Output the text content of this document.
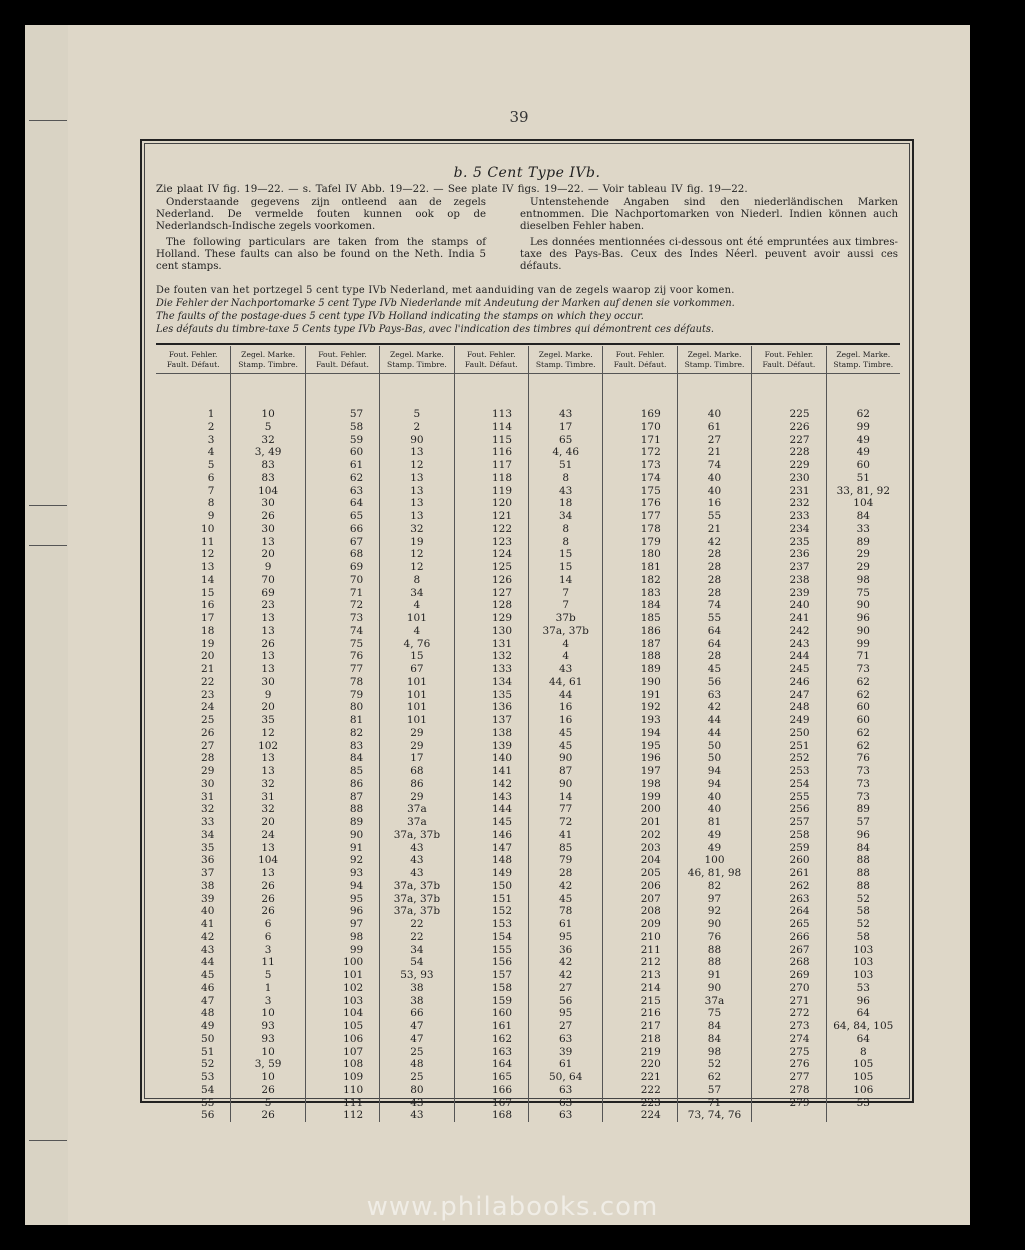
39
b. 5 Cent Type IVb.
Zie plaat IV fig. 19—22. — s. Tafel IV Abb. 19—22. — See plate IV figs. 19—22. — Voir tableau IV fig. 19—22.

Onderstaande gegevens zijn ontleend aan de zegels Nederland. De vermelde fouten kunnen ook op de Nederlandsch-Indische zegels voorkomen.

The following particulars are taken from the stamps of Holland. These faults can also be found on the Neth. India 5 cent stamps.

Untenstehende Angaben sind den niederländischen Marken entnommen. Die Nachportomarken von Niederl. Indien können auch dieselben Fehler haben.

Les données mentionnées ci-dessous ont été empruntées aux timbres-taxe des Pays-Bas. Ceux des Indes Néerl. peuvent avoir aussi ces défauts.

De fouten van het portzegel 5 cent type IVb Nederland, met aanduiding van de zegels waarop zij voor komen.
Die Fehler der Nachportomarke 5 cent Type IVb Niederlande mit Andeutung der Marken auf denen sie vorkommen.
The faults of the postage-dues 5 cent type IVb Holland indicating the stamps on which they occur.
Les défauts du timbre-taxe 5 Cents type IVb Pays-Bas, avec l'indication des timbres qui démontrent ces défauts.
Fout. Fehler.
Fault. Défaut.
1
2
3
4
5
6
7
8
9
10
11
12
13
14
15
16
17
18
19
20
21
22
23
24
25
26
27
28
29
30
31
32
33
34
35
36
37
38
39
40
41
42
43
44
45
46
47
48
49
50
51
52
53
54
55
56
Zegel. Marke.
Stamp. Timbre.
10
5
32
3, 49
83
83
104
30
26
30
13
20
9
70
69
23
13
13
26
13
13
30
9
20
35
12
102
13
13
32
31
32
20
24
13
104
13
26
26
26
6
6
3
11
5
1
3
10
93
93
10
3, 59
10
26
5
26
Fout. Fehler.
Fault. Défaut.
57
58
59
60
61
62
63
64
65
66
67
68
69
70
71
72
73
74
75
76
77
78
79
80
81
82
83
84
85
86
87
88
89
90
91
92
93
94
95
96
97
98
99
100
101
102
103
104
105
106
107
108
109
110
111
112
Zegel. Marke.
Stamp. Timbre.
5
2
90
13
12
13
13
13
13
32
19
12
12
8
34
4
101
4
4, 76
15
67
101
101
101
101
29
29
17
68
86
29
37a
37a
37a, 37b
43
43
43
37a, 37b
37a, 37b
37a, 37b
22
22
34
54
53, 93
38
38
66
47
47
25
48
25
80
43
43
Fout. Fehler.
Fault. Défaut.
113
114
115
116
117
118
119
120
121
122
123
124
125
126
127
128
129
130
131
132
133
134
135
136
137
138
139
140
141
142
143
144
145
146
147
148
149
150
151
152
153
154
155
156
157
158
159
160
161
162
163
164
165
166
167
168
Zegel. Marke.
Stamp. Timbre.
43
17
65
4, 46
51
8
43
18
34
8
8
15
15
14
7
7
37b
37a, 37b
4
4
43
44, 61
44
16
16
45
45
90
87
90
14
77
72
41
85
79
28
42
45
78
61
95
36
42
42
27
56
95
27
63
39
61
50, 64
63
63
63
Fout. Fehler.
Fault. Défaut.
169
170
171
172
173
174
175
176
177
178
179
180
181
182
183
184
185
186
187
188
189
190
191
192
193
194
195
196
197
198
199
200
201
202
203
204
205
206
207
208
209
210
211
212
213
214
215
216
217
218
219
220
221
222
223
224
Zegel. Marke.
Stamp. Timbre.
40
61
27
21
74
40
40
16
55
21
42
28
28
28
28
74
55
64
64
28
45
56
63
42
44
44
50
50
94
94
40
40
81
49
49
100
46, 81, 98
82
97
92
90
76
88
88
91
90
37a
75
84
84
98
52
62
57
71
73, 74, 76
Fout. Fehler.
Fault. Défaut.
225
226
227
228
229
230
231
232
233
234
235
236
237
238
239
240
241
242
243
244
245
246
247
248
249
250
251
252
253
254
255
256
257
258
259
260
261
262
263
264
265
266
267
268
269
270
271
272
273
274
275
276
277
278
279
Zegel. Marke.
Stamp. Timbre.
62
99
49
49
60
51
33, 81, 92
104
84
33
89
29
29
98
75
90
96
90
99
71
73
62
62
60
60
62
62
76
73
73
73
89
57
96
84
88
88
88
52
58
52
58
103
103
103
53
96
64
64, 84, 105
64
8
105
105
106
53
www.philabooks.com
